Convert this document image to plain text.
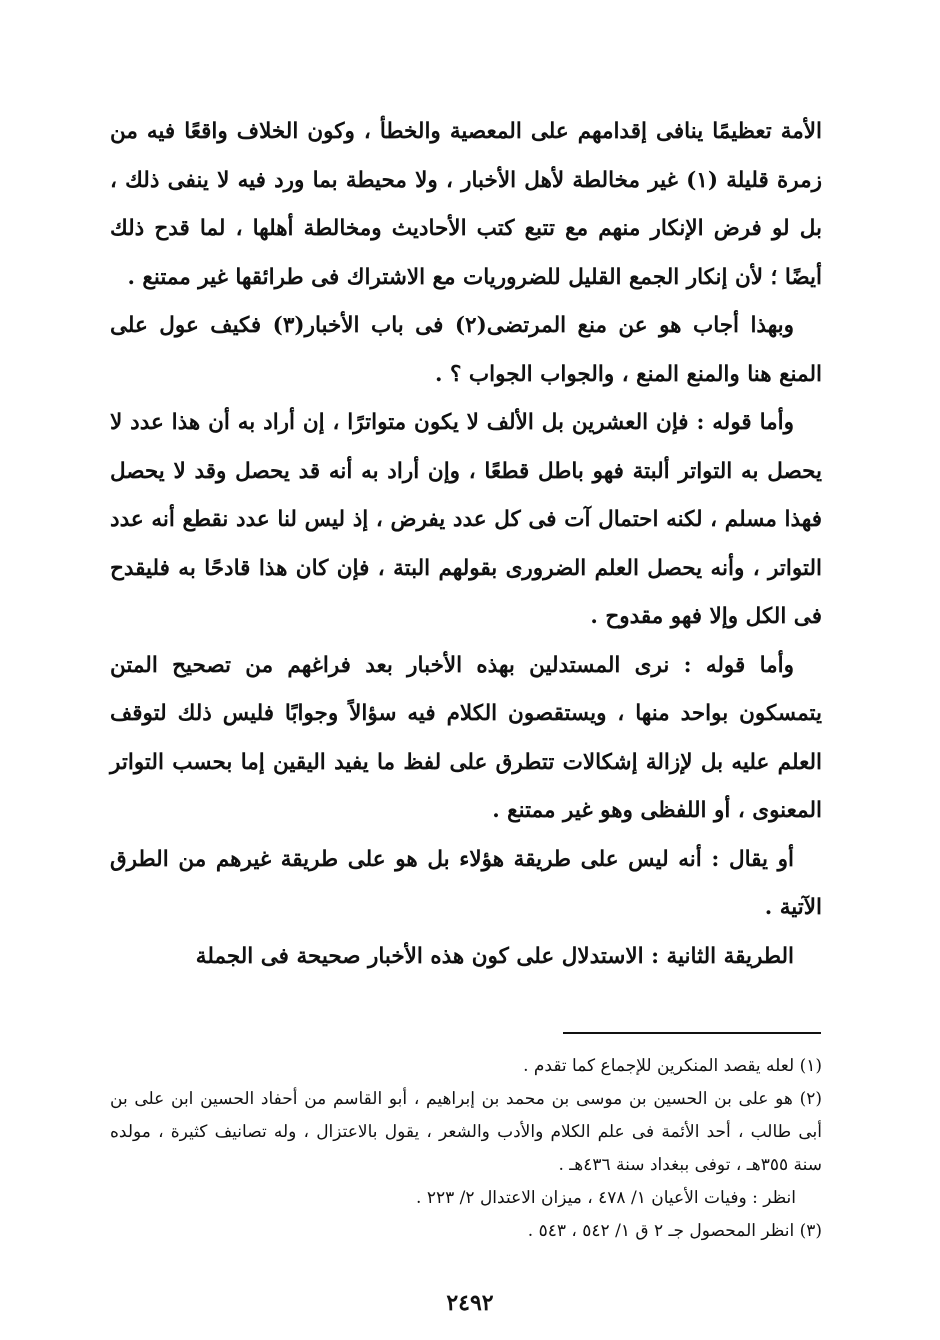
الأمة تعظيمًا ينافى إقدامهم على المعصية والخطأ ، وكون الخلاف واقعًا فيه من زمرة قليلة (١) غير مخالطة لأهل الأخبار ، ولا محيطة بما ورد فيه لا ينفى ذلك ، بل لو فرض الإنكار منهم مع تتبع كتب الأحاديث ومخالطة أهلها ، لما قدح ذلك أيضًا ؛ لأن إنكار الجمع القليل للضروريات مع الاشتراك فى طرائقها غير ممتنع .

وبهذا أجاب هو عن منع المرتضى(٢) فى باب الأخبار(٣) فكيف عول على المنع هنا والمنع المنع ، والجواب الجواب ؟ .

وأما قوله : فإن العشرين بل الألف لا يكون متواترًا ، إن أراد به أن هذا عدد لا يحصل به التواتر ألبتة فهو باطل قطعًا ، وإن أراد به أنه قد يحصل وقد لا يحصل فهذا مسلم ، لكنه احتمال آت فى كل عدد يفرض ، إذ ليس لنا عدد نقطع أنه عدد التواتر ، وأنه يحصل العلم الضرورى بقولهم البتة ، فإن كان هذا قادحًا به فليقدح فى الكل وإلا فهو مقدوح .

وأما قوله : نرى المستدلين بهذه الأخبار بعد فراغهم من تصحيح المتن يتمسكون بواحد منها ، ويستقصون الكلام فيه سؤالاً وجوابًا فليس ذلك لتوقف العلم عليه بل لإزالة إشكالات تتطرق على لفظ ما يفيد اليقين إما بحسب التواتر المعنوى ، أو اللفظى وهو غير ممتنع .

أو يقال : أنه ليس على طريقة هؤلاء بل هو على طريقة غيرهم من الطرق الآتية .

الطريقة الثانية : الاستدلال على كون هذه الأخبار صحيحة فى الجملة

(١) لعله يقصد المنكرين للإجماع كما تقدم .

(٢) هو على بن الحسين بن موسى بن محمد بن إبراهيم ، أبو القاسم من أحفاد الحسين ابن على بن أبى طالب ، أحد الأئمة فى علم الكلام والأدب والشعر ، يقول بالاعتزال ، وله تصانيف كثيرة ، مولده سنة ٣٥٥هـ ، توفى ببغداد سنة ٤٣٦هـ .
انظر : وفيات الأعيان ١/ ٤٧٨ ، ميزان الاعتدال ٢/ ٢٢٣ .

(٣) انظر المحصول جـ ٢ ق ١/ ٥٤٢ ، ٥٤٣ .

٢٤٩٢
